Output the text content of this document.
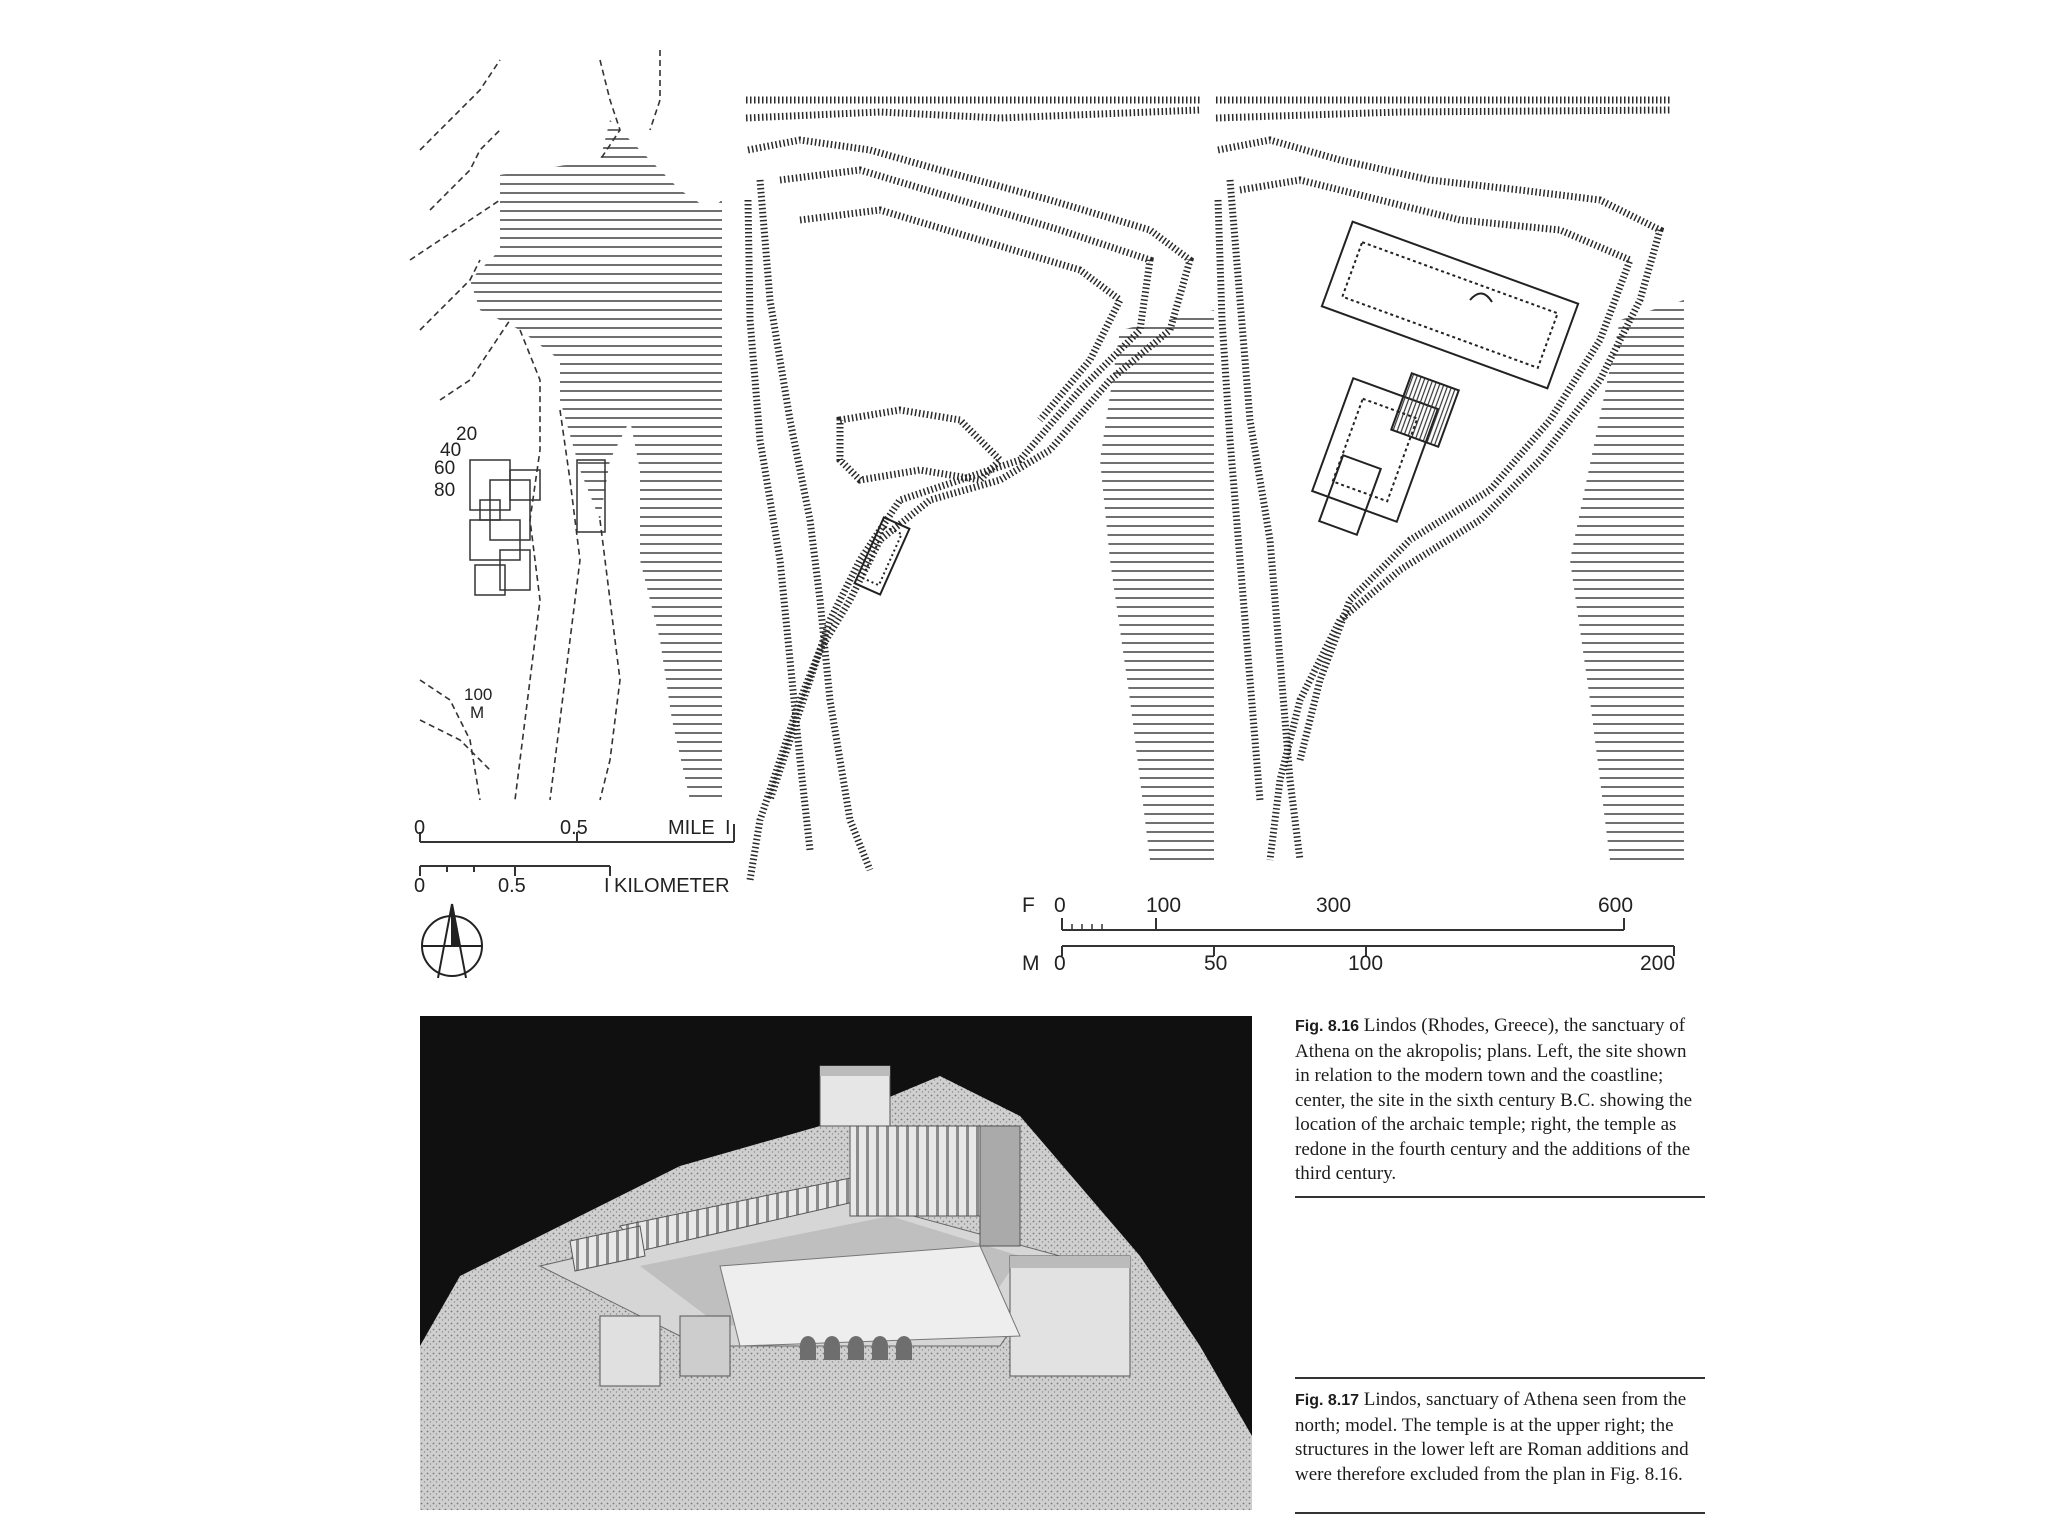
20
40
60
80
100
M
0	0.5	MILE I
0	0.5	I KILOMETER
F 0	100	300	600
M 0	50	100	200
Fig. 8.16 Lindos (Rhodes, Greece), the sanctuary of Athena on the akropolis; plans. Left, the site shown in relation to the modern town and the coastline; center, the site in the sixth century B.C. showing the location of the archaic temple; right, the temple as redone in the fourth century and the additions of the third century.
Fig. 8.17 Lindos, sanctuary of Athena seen from the north; model. The temple is at the upper right; the structures in the lower left are Roman additions and were therefore excluded from the plan in Fig. 8.16.
